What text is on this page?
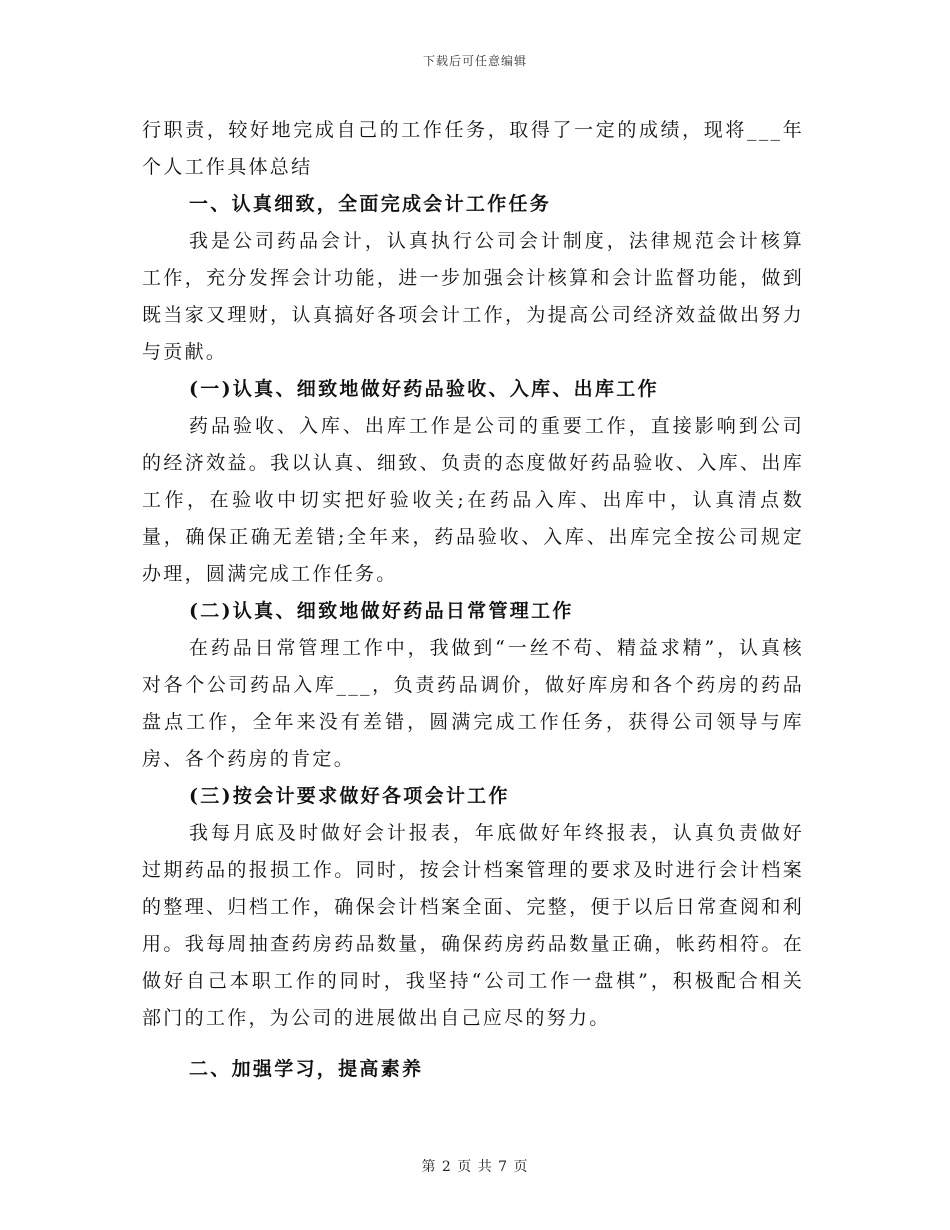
下载后可任意编辑

行职责，较好地完成自己的工作任务，取得了一定的成绩，现将___年个人工作具体总结

一、认真细致，全面完成会计工作任务

我是公司药品会计，认真执行公司会计制度，法律规范会计核算工作，充分发挥会计功能，进一步加强会计核算和会计监督功能，做到既当家又理财，认真搞好各项会计工作，为提高公司经济效益做出努力与贡献。

(一)认真、细致地做好药品验收、入库、出库工作

药品验收、入库、出库工作是公司的重要工作，直接影响到公司的经济效益。我以认真、细致、负责的态度做好药品验收、入库、出库工作，在验收中切实把好验收关;在药品入库、出库中，认真清点数量，确保正确无差错;全年来，药品验收、入库、出库完全按公司规定办理，圆满完成工作任务。

(二)认真、细致地做好药品日常管理工作

在药品日常管理工作中，我做到“一丝不苟、精益求精”，认真核对各个公司药品入库___，负责药品调价，做好库房和各个药房的药品盘点工作，全年来没有差错，圆满完成工作任务，获得公司领导与库房、各个药房的肯定。

(三)按会计要求做好各项会计工作

我每月底及时做好会计报表，年底做好年终报表，认真负责做好过期药品的报损工作。同时，按会计档案管理的要求及时进行会计档案的整理、归档工作，确保会计档案全面、完整，便于以后日常查阅和利用。我每周抽查药房药品数量，确保药房药品数量正确，帐药相符。在做好自己本职工作的同时，我坚持“公司工作一盘棋”，积极配合相关部门的工作，为公司的进展做出自己应尽的努力。

二、加强学习，提高素养

第 2 页 共 7 页
